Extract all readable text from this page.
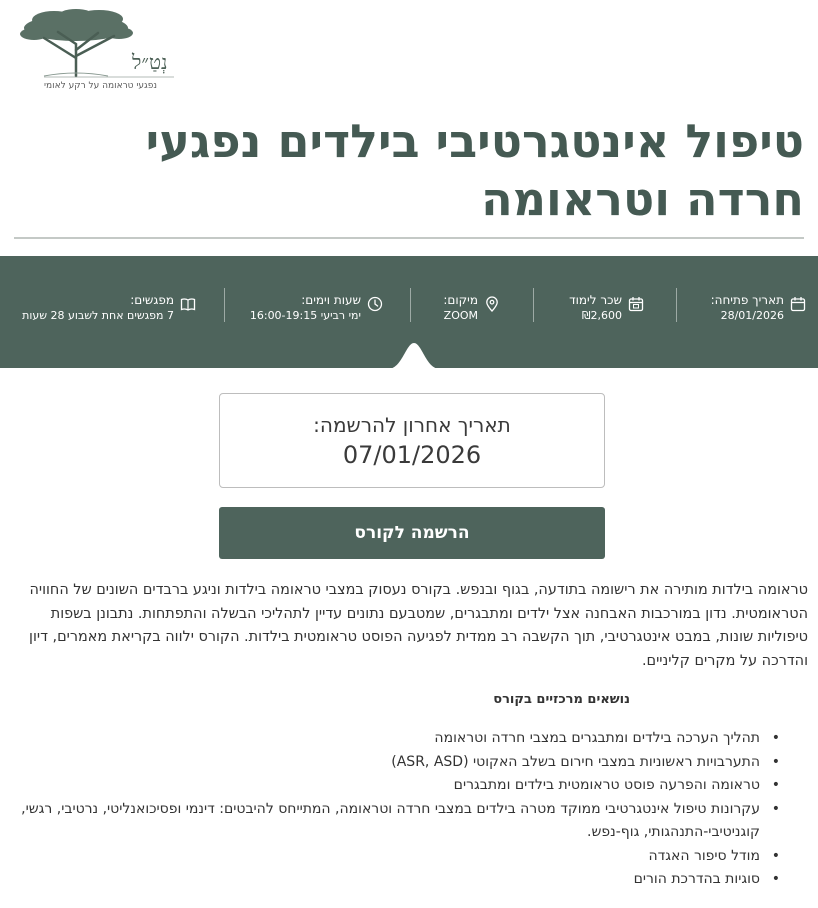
נְטַ״ל
נפגעי טראומה על רקע לאומי
טיפול אינטגרטיבי בילדים נפגעי חרדה וטראומה
תאריך פתיחה:
28/01/2026
שכר לימוד
₪2,600
מיקום:
ZOOM
שעות וימים:
ימי רביעי 16:00-19:15
מפגשים:
7 מפגשים אחת לשבוע 28 שעות
תאריך אחרון להרשמה:
07/01/2026
הרשמה לקורס

טראומה בילדות מותירה את רישומה בתודעה, בגוף ובנפש. בקורס נעסוק במצבי טראומה בילדות וניגע ברבדים השונים של החוויה הטראומטית. נדון במורכבות האבחנה אצל ילדים ומתבגרים, שמטבעם נתונים עדיין לתהליכי הבשלה והתפתחות. נתבונן בשפות טיפוליות שונות, במבט אינטגרטיבי, תוך הקשבה רב ממדית לפגיעה הפוסט טראומטית בילדות. הקורס ילווה בקריאת מאמרים, דיון והדרכה על מקרים קליניים.

נושאים מרכזיים בקורס
•
תהליך הערכה בילדים ומתבגרים במצבי חרדה וטראומה
•
התערבויות ראשוניות במצבי חירום בשלב האקוטי (ASR, ASD)
•
טראומה והפרעה פוסט טראומטית בילדים ומתבגרים
•
עקרונות טיפול אינטגרטיבי ממוקד מטרה בילדים במצבי חרדה וטראומה, המתייחס להיבטים: דינמי ופסיכואנליטי, נרטיבי, רגשי, קוגניטיבי-התנהגותי, גוף-נפש.
•
מודל סיפור האגדה
•
סוגיות בהדרכת הורים
